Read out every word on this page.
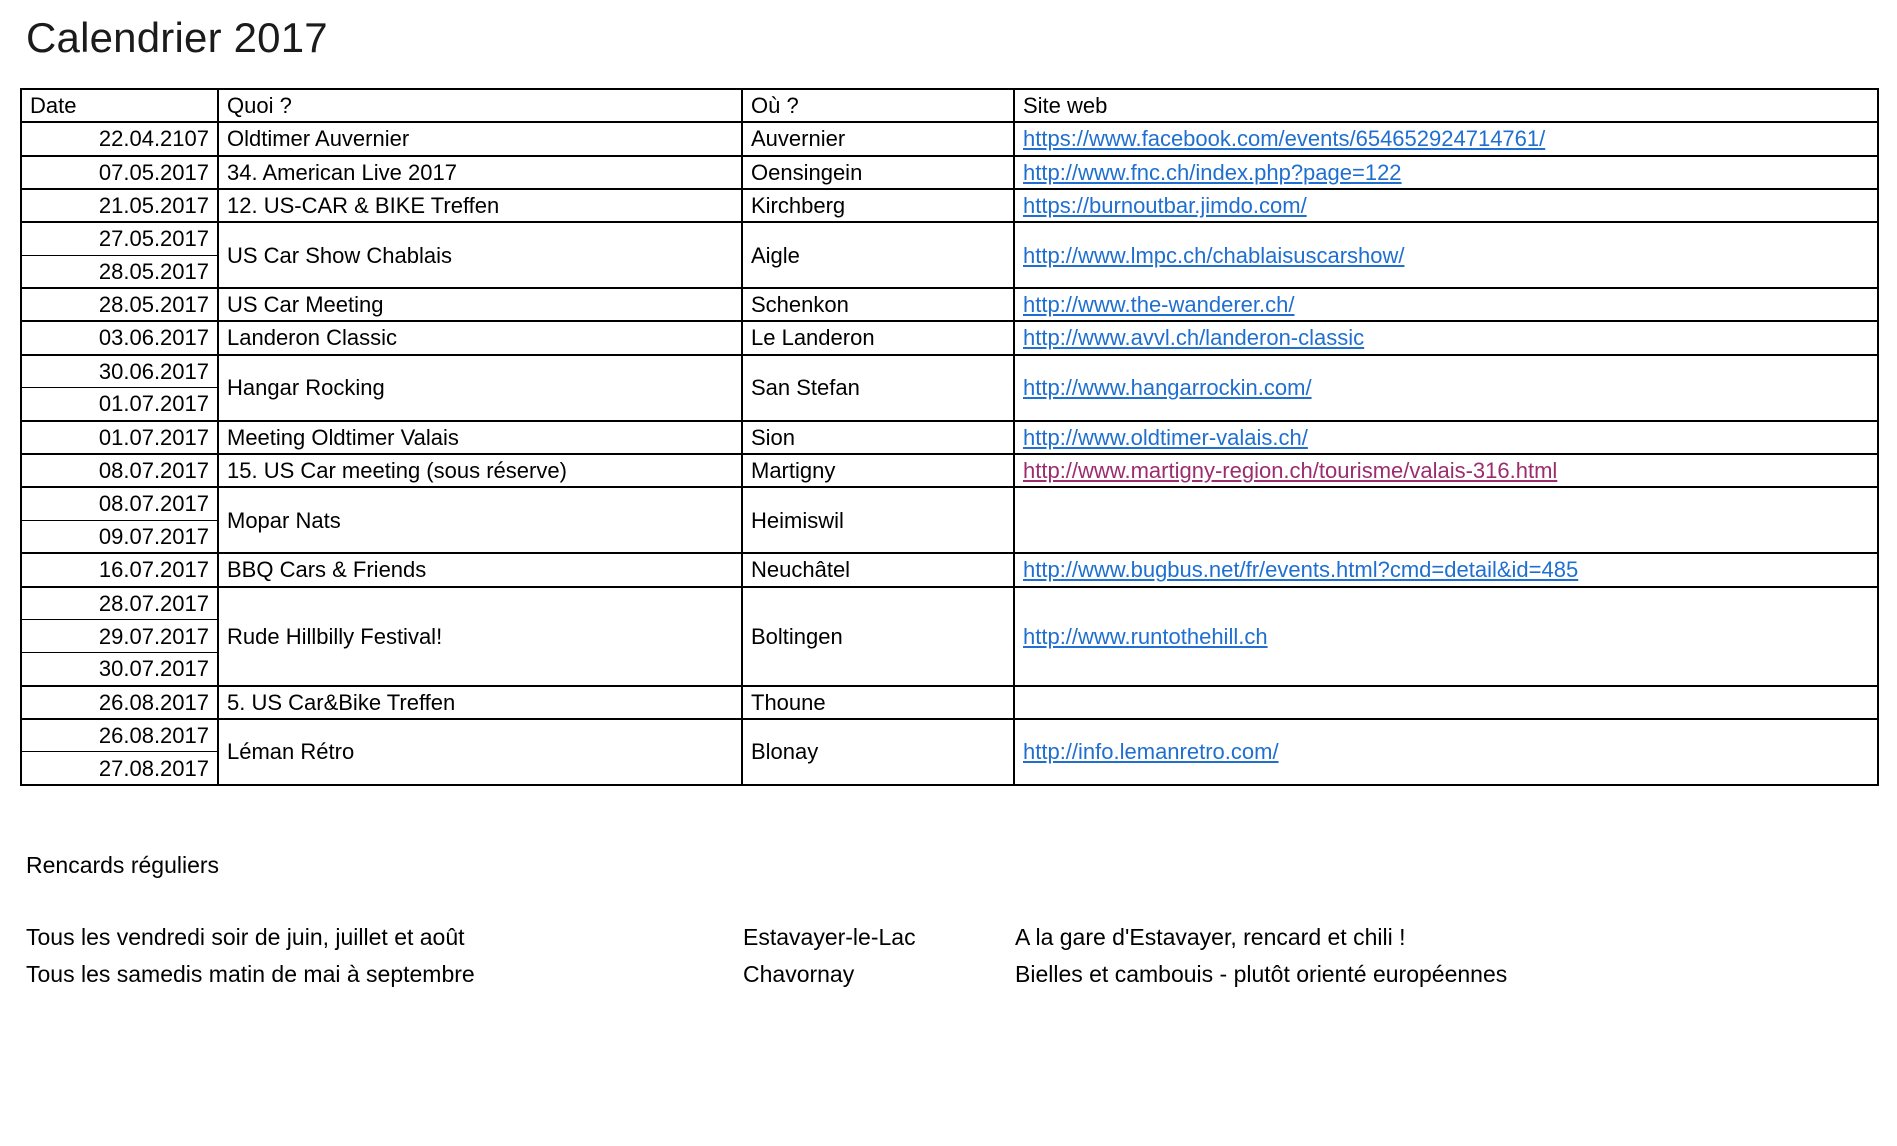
Calendrier 2017
Date	Quoi ?	Où ?	Site web
22.04.2107	Oldtimer Auvernier	Auvernier	https://www.facebook.com/events/654652924714761/
07.05.2017	34. American Live 2017	Oensingein	http://www.fnc.ch/index.php?page=122
21.05.2017	12. US-CAR & BIKE Treffen	Kirchberg	https://burnoutbar.jimdo.com/
27.05.2017	US Car Show Chablais	Aigle	http://www.lmpc.ch/chablaisuscarshow/
28.05.2017			
28.05.2017	US Car Meeting	Schenkon	http://www.the-wanderer.ch/
03.06.2017	Landeron Classic	Le Landeron	http://www.avvl.ch/landeron-classic
30.06.2017	Hangar Rocking	San Stefan	http://www.hangarrockin.com/
01.07.2017			
01.07.2017	Meeting Oldtimer Valais	Sion	http://www.oldtimer-valais.ch/
08.07.2017	15. US Car meeting (sous réserve)	Martigny	http://www.martigny-region.ch/tourisme/valais-316.html
08.07.2017	Mopar Nats	Heimiswil	
09.07.2017			
16.07.2017	BBQ Cars & Friends	Neuchâtel	http://www.bugbus.net/fr/events.html?cmd=detail&id=485
28.07.2017	Rude Hillbilly Festival!	Boltingen	http://www.runtothehill.ch
29.07.2017			
30.07.2017			
26.08.2017	5. US Car&Bike Treffen	Thoune	
26.08.2017	Léman Rétro	Blonay	http://info.lemanretro.com/
27.08.2017			
Rencards réguliers
Tous les vendredi soir de juin, juillet et août	Estavayer-le-Lac	A la gare d'Estavayer, rencard et chili !
Tous les samedis matin de mai à septembre	Chavornay	Bielles et cambouis - plutôt orienté européennes
